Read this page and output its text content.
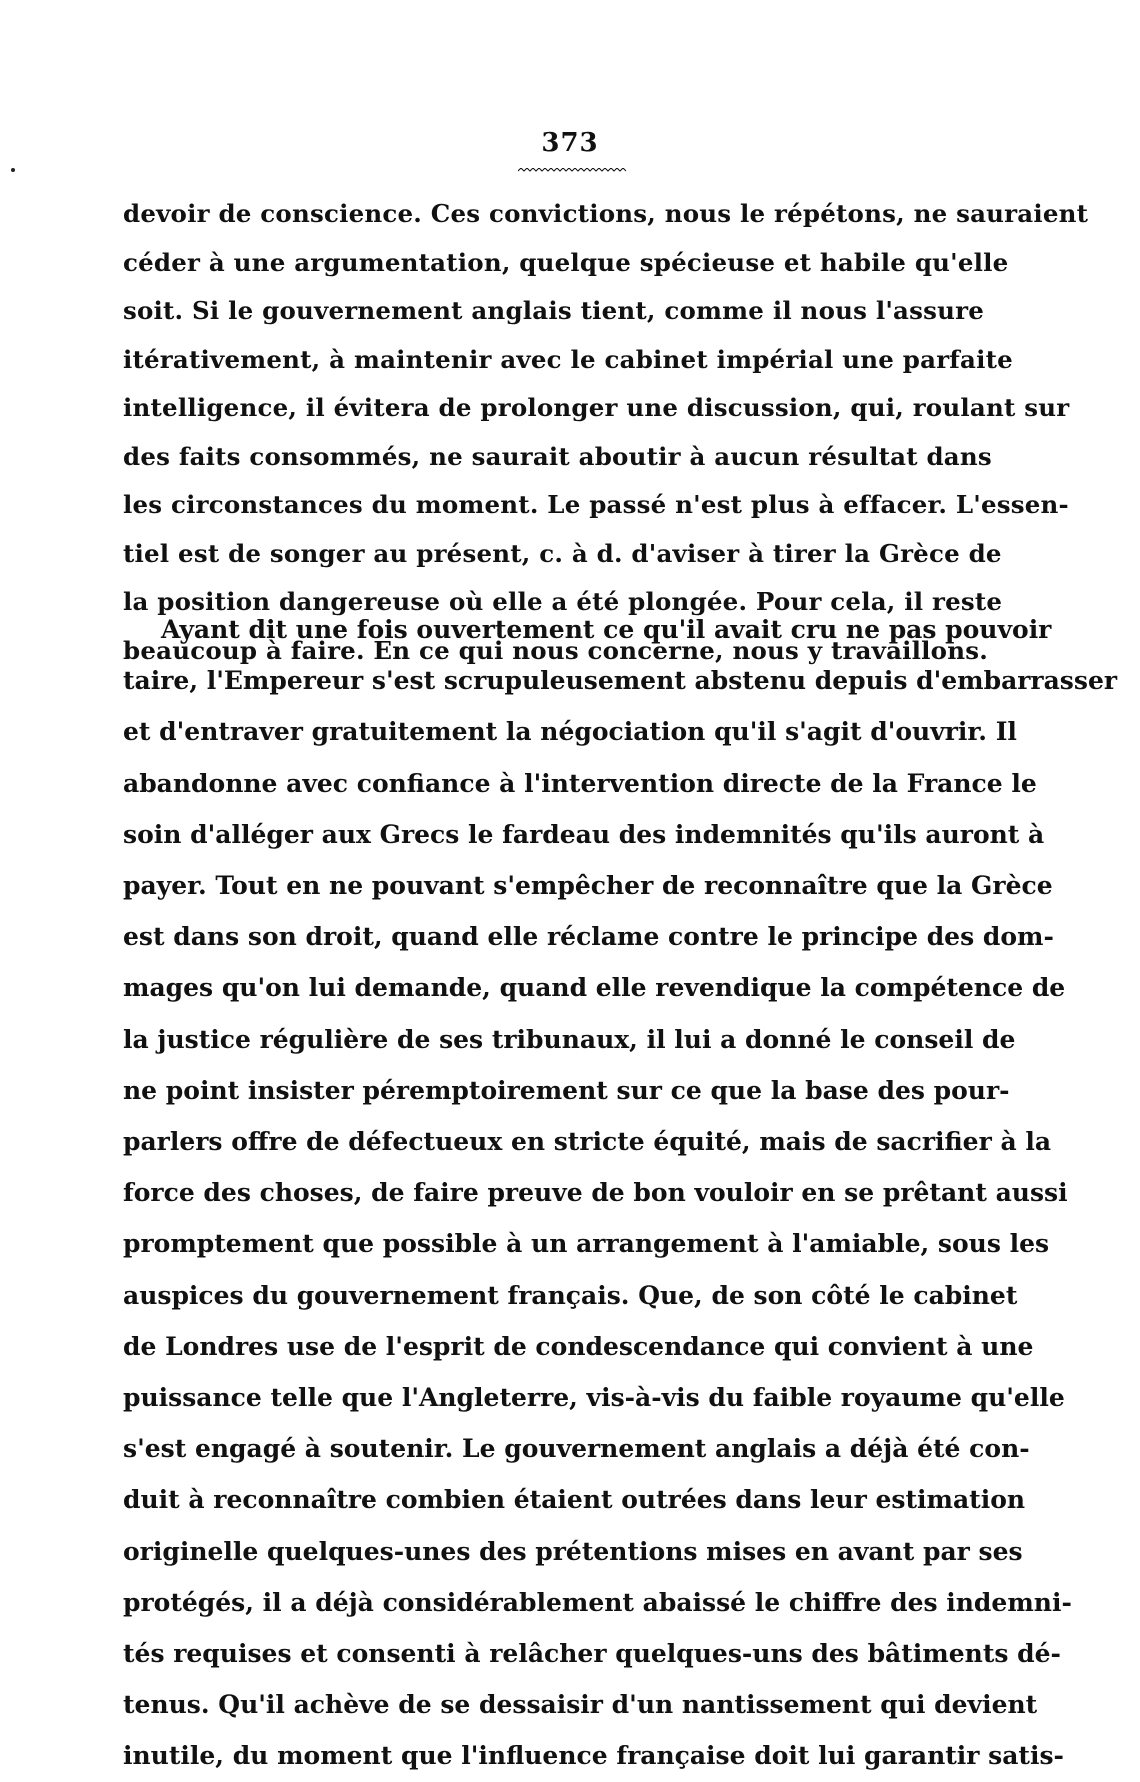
373
devoir de conscience. Ces convictions, nous le répétons, ne sauraient
céder à une argumentation, quelque spécieuse et habile qu'elle
soit. Si le gouvernement anglais tient, comme il nous l'assure
itérativement, à maintenir avec le cabinet impérial une parfaite
intelligence, il évitera de prolonger une discussion, qui, roulant sur
des faits consommés, ne saurait aboutir à aucun résultat dans
les circonstances du moment. Le passé n'est plus à effacer. L'essen-
tiel est de songer au présent, c. à d. d'aviser à tirer la Grèce de
la position dangereuse où elle a été plongée. Pour cela, il reste
beaucoup à faire. En ce qui nous concerne, nous y travaillons.
Ayant dit une fois ouvertement ce qu'il avait cru ne pas pouvoir
taire, l'Empereur s'est scrupuleusement abstenu depuis d'embarrasser
et d'entraver gratuitement la négociation qu'il s'agit d'ouvrir. Il
abandonne avec confiance à l'intervention directe de la France le
soin d'alléger aux Grecs le fardeau des indemnités qu'ils auront à
payer. Tout en ne pouvant s'empêcher de reconnaître que la Grèce
est dans son droit, quand elle réclame contre le principe des dom-
mages qu'on lui demande, quand elle revendique la compétence de
la justice régulière de ses tribunaux, il lui a donné le conseil de
ne point insister péremptoirement sur ce que la base des pour-
parlers offre de défectueux en stricte équité, mais de sacrifier à la
force des choses, de faire preuve de bon vouloir en se prêtant aussi
promptement que possible à un arrangement à l'amiable, sous les
auspices du gouvernement français. Que, de son côté le cabinet
de Londres use de l'esprit de condescendance qui convient à une
puissance telle que l'Angleterre, vis-à-vis du faible royaume qu'elle
s'est engagé à soutenir. Le gouvernement anglais a déjà été con-
duit à reconnaître combien étaient outrées dans leur estimation
originelle quelques-unes des prétentions mises en avant par ses
protégés, il a déjà considérablement abaissé le chiffre des indemni-
tés requises et consenti à relâcher quelques-uns des bâtiments dé-
tenus. Qu'il achève de se dessaisir d'un nantissement qui devient
inutile, du moment que l'influence française doit lui garantir satis-
